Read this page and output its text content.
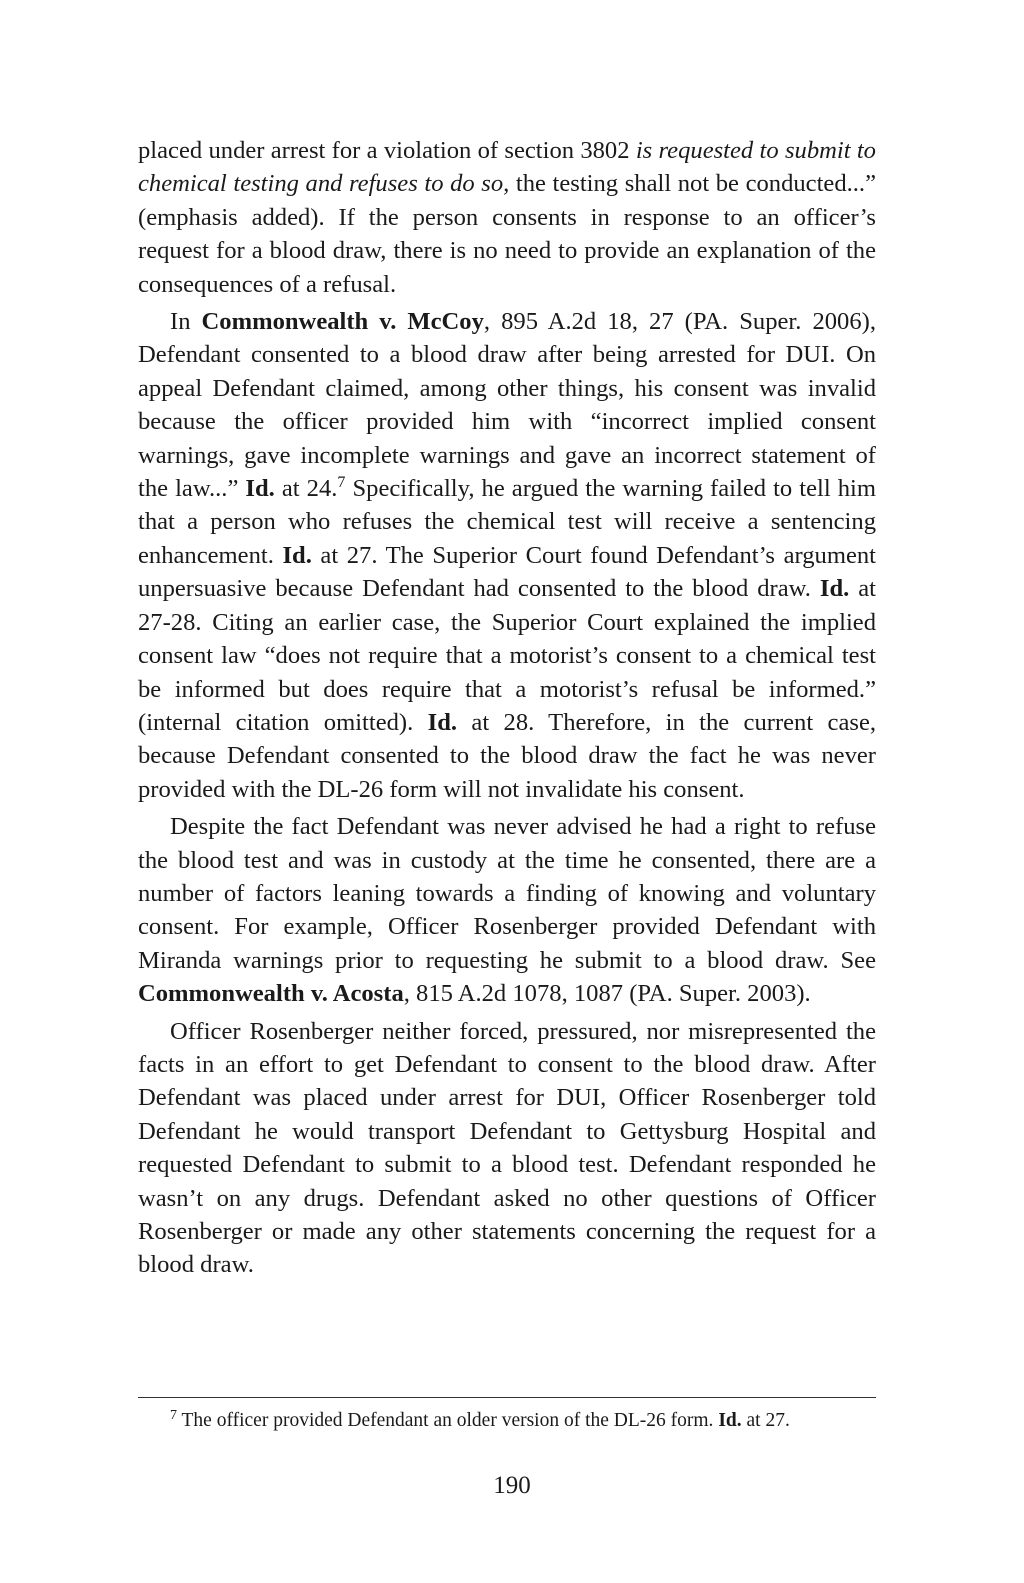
placed under arrest for a violation of section 3802 is requested to submit to chemical testing and refuses to do so, the testing shall not be conducted...” (emphasis added). If the person consents in response to an officer’s request for a blood draw, there is no need to provide an explanation of the consequences of a refusal.

In Commonwealth v. McCoy, 895 A.2d 18, 27 (PA. Super. 2006), Defendant consented to a blood draw after being arrested for DUI. On appeal Defendant claimed, among other things, his consent was invalid because the officer provided him with “incorrect implied consent warnings, gave incomplete warnings and gave an incorrect statement of the law...” Id. at 24.$^7$ Specifically, he argued the warning failed to tell him that a person who refuses the chemical test will receive a sentencing enhancement. Id. at 27. The Superior Court found Defendant’s argument unpersuasive because Defendant had consented to the blood draw. Id. at 27-28. Citing an earlier case, the Superior Court explained the implied consent law “does not require that a motorist’s consent to a chemical test be informed but does require that a motorist’s refusal be informed.” (internal citation omitted). Id. at 28. Therefore, in the current case, because Defendant consented to the blood draw the fact he was never provided with the DL-26 form will not invalidate his consent.

Despite the fact Defendant was never advised he had a right to refuse the blood test and was in custody at the time he consented, there are a number of factors leaning towards a finding of knowing and voluntary consent. For example, Officer Rosenberger provided Defendant with Miranda warnings prior to requesting he submit to a blood draw. See Commonwealth v. Acosta, 815 A.2d 1078, 1087 (PA. Super. 2003).

Officer Rosenberger neither forced, pressured, nor misrepresented the facts in an effort to get Defendant to consent to the blood draw. After Defendant was placed under arrest for DUI, Officer Rosenberger told Defendant he would transport Defendant to Gettysburg Hospital and requested Defendant to submit to a blood test. Defendant responded he wasn’t on any drugs. Defendant asked no other questions of Officer Rosenberger or made any other statements concerning the request for a blood draw.

$^7$ The officer provided Defendant an older version of the DL-26 form. Id. at 27.

190
